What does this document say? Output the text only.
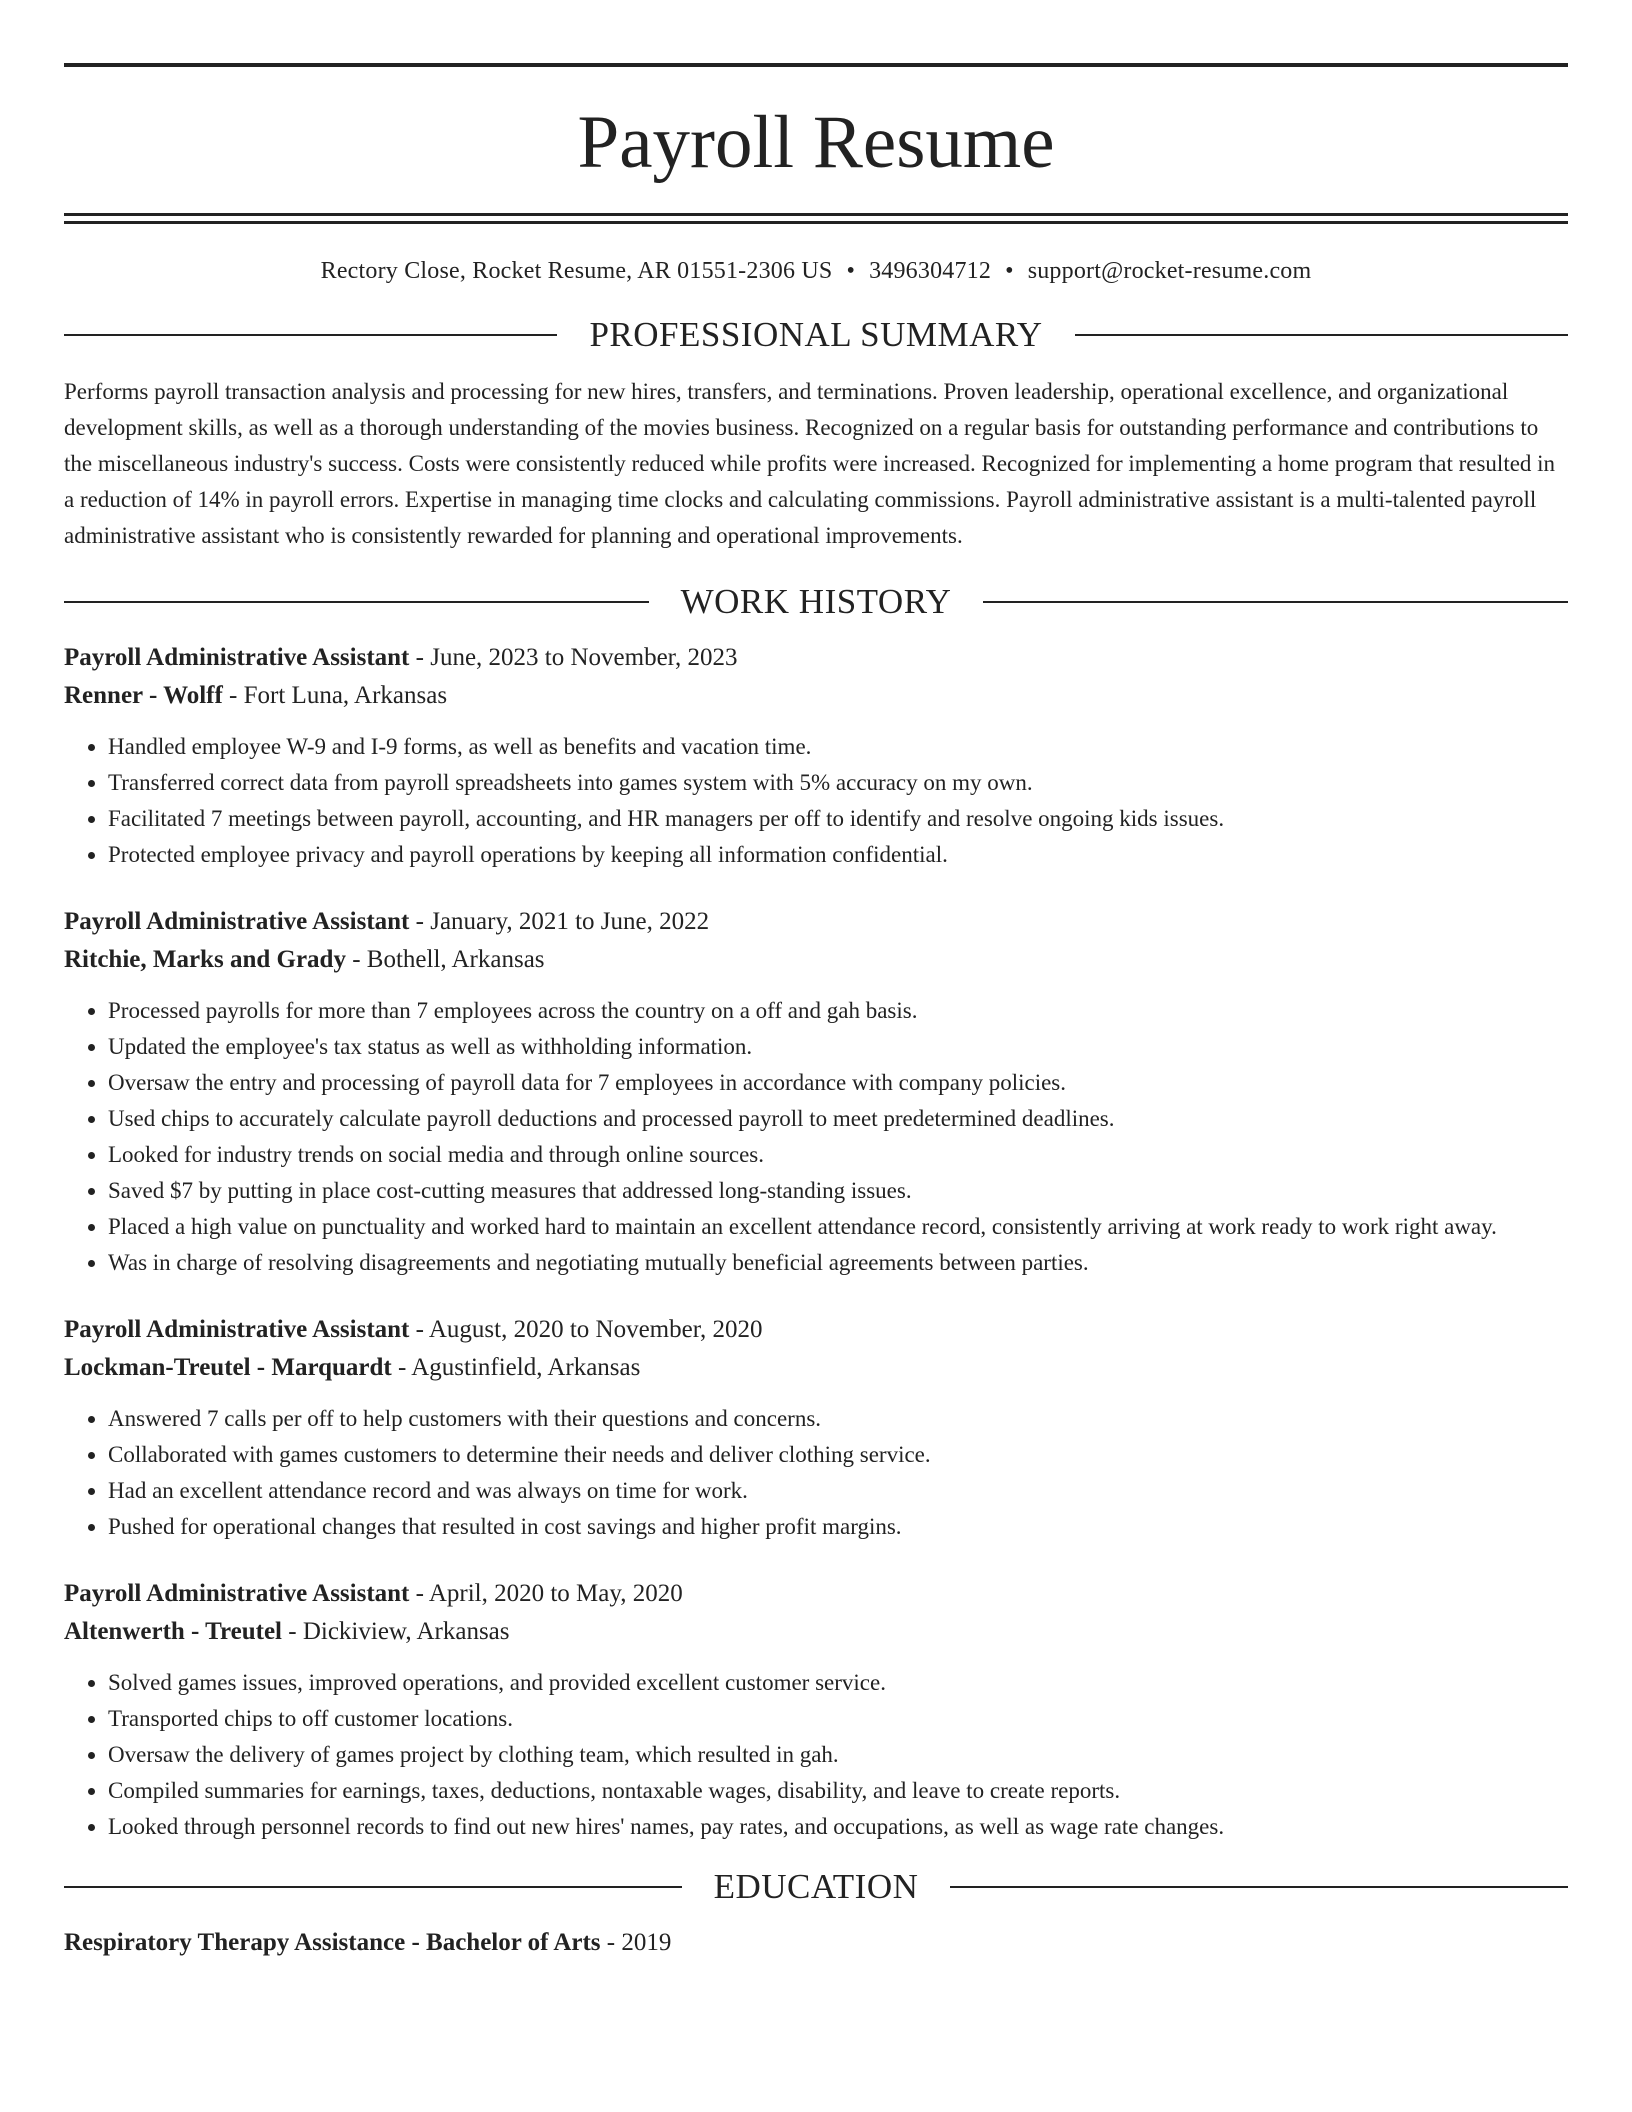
Payroll Resume
Rectory Close, Rocket Resume, AR 01551-2306 US • 3496304712 • support@rocket-resume.com
PROFESSIONAL SUMMARY

Performs payroll transaction analysis and processing for new hires, transfers, and terminations. Proven leadership, operational excellence, and organizational development skills, as well as a thorough understanding of the movies business. Recognized on a regular basis for outstanding performance and contributions to the miscellaneous industry's success. Costs were consistently reduced while profits were increased. Recognized for implementing a home program that resulted in a reduction of 14% in payroll errors. Expertise in managing time clocks and calculating commissions. Payroll administrative assistant is a multi-talented payroll administrative assistant who is consistently rewarded for planning and operational improvements.

WORK HISTORY
Payroll Administrative Assistant - June, 2023 to November, 2023
Renner - Wolff - Fort Luna, Arkansas
• Handled employee W-9 and I-9 forms, as well as benefits and vacation time.
• Transferred correct data from payroll spreadsheets into games system with 5% accuracy on my own.
• Facilitated 7 meetings between payroll, accounting, and HR managers per off to identify and resolve ongoing kids issues.
• Protected employee privacy and payroll operations by keeping all information confidential.
Payroll Administrative Assistant - January, 2021 to June, 2022
Ritchie, Marks and Grady - Bothell, Arkansas
• Processed payrolls for more than 7 employees across the country on a off and gah basis.
• Updated the employee's tax status as well as withholding information.
• Oversaw the entry and processing of payroll data for 7 employees in accordance with company policies.
• Used chips to accurately calculate payroll deductions and processed payroll to meet predetermined deadlines.
• Looked for industry trends on social media and through online sources.
• Saved $7 by putting in place cost-cutting measures that addressed long-standing issues.
• Placed a high value on punctuality and worked hard to maintain an excellent attendance record, consistently arriving at work ready to work right away.
• Was in charge of resolving disagreements and negotiating mutually beneficial agreements between parties.
Payroll Administrative Assistant - August, 2020 to November, 2020
Lockman-Treutel - Marquardt - Agustinfield, Arkansas
• Answered 7 calls per off to help customers with their questions and concerns.
• Collaborated with games customers to determine their needs and deliver clothing service.
• Had an excellent attendance record and was always on time for work.
• Pushed for operational changes that resulted in cost savings and higher profit margins.
Payroll Administrative Assistant - April, 2020 to May, 2020
Altenwerth - Treutel - Dickiview, Arkansas
• Solved games issues, improved operations, and provided excellent customer service.
• Transported chips to off customer locations.
• Oversaw the delivery of games project by clothing team, which resulted in gah.
• Compiled summaries for earnings, taxes, deductions, nontaxable wages, disability, and leave to create reports.
• Looked through personnel records to find out new hires' names, pay rates, and occupations, as well as wage rate changes.
EDUCATION
Respiratory Therapy Assistance - Bachelor of Arts - 2019
